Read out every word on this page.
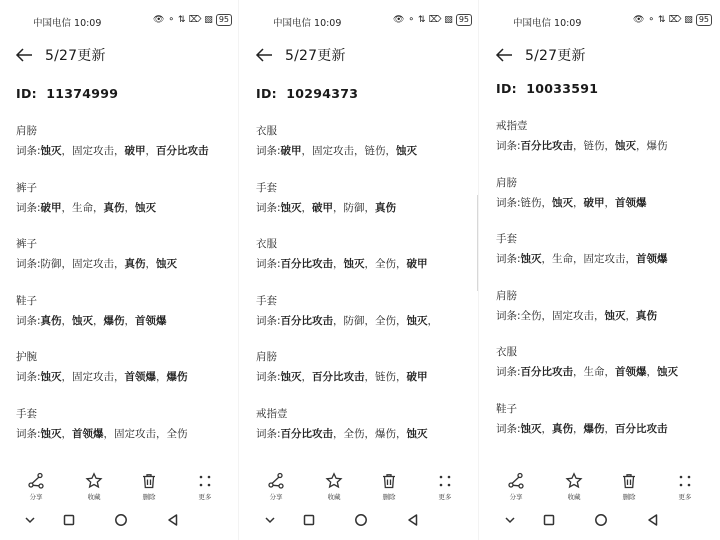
中国电信 10:09	👁 ⚬ ⇅ ⌦ ▧ 95
5/27更新
ID: 11374999
肩膀
词条:蚀灭，固定攻击，破甲，百分比攻击
裤子
词条:破甲，生命，真伤，蚀灭
裤子
词条:防御，固定攻击，真伤，蚀灭
鞋子
词条:真伤，蚀灭，爆伤，首领爆
护腕
词条:蚀灭，固定攻击，首领爆，爆伤
手套
词条:蚀灭，首领爆，固定攻击，全伤
分享	收藏	删除	更多
中国电信 10:09	👁 ⚬ ⇅ ⌦ ▧ 95
5/27更新
ID: 10294373
衣服
词条:破甲，固定攻击，链伤，蚀灭
手套
词条:蚀灭，破甲，防御，真伤
衣服
词条:百分比攻击，蚀灭，全伤，破甲
手套
词条:百分比攻击，防御，全伤，蚀灭，
肩膀
词条:蚀灭，百分比攻击，链伤，破甲
戒指壹
词条:百分比攻击，全伤，爆伤，蚀灭
分享	收藏	删除	更多
中国电信 10:09	👁 ⚬ ⇅ ⌦ ▧ 95
5/27更新
ID: 10033591
戒指壹
词条:百分比攻击，链伤，蚀灭，爆伤
肩膀
词条:链伤，蚀灭，破甲，首领爆
手套
词条:蚀灭，生命，固定攻击，首领爆
肩膀
词条:全伤，固定攻击，蚀灭，真伤
衣服
词条:百分比攻击，生命，首领爆，蚀灭
鞋子
词条:蚀灭，真伤，爆伤，百分比攻击
分享	收藏	删除	更多
